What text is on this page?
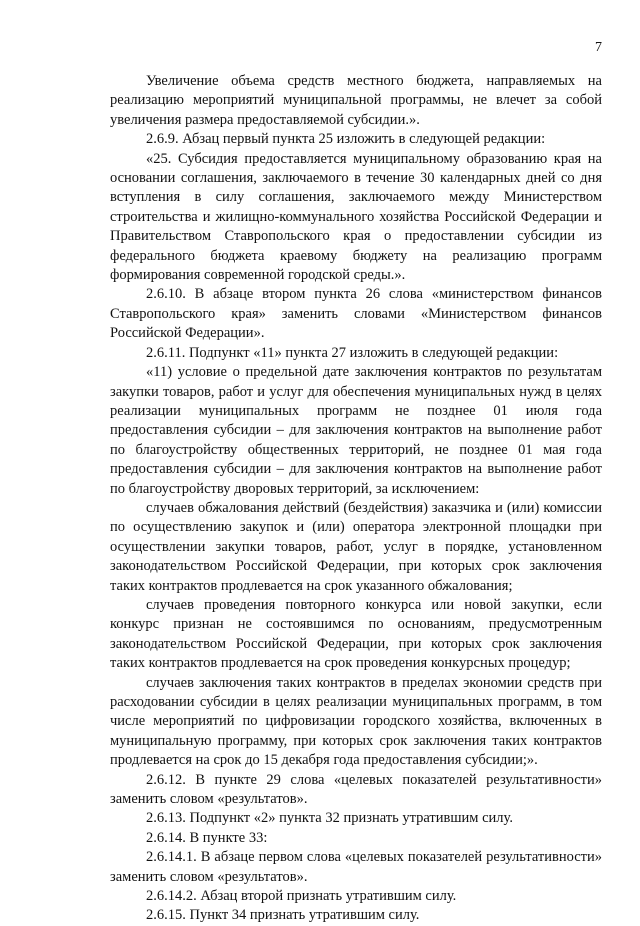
7

Увеличение объема средств местного бюджета, направляемых на реализацию мероприятий муниципальной программы, не влечет за собой увеличения размера предоставляемой субсидии.».

2.6.9. Абзац первый пункта 25 изложить в следующей редакции:

«25. Субсидия предоставляется муниципальному образованию края на основании соглашения, заключаемого в течение 30 календарных дней со дня вступления в силу соглашения, заключаемого между Министерством строительства и жилищно-коммунального хозяйства Российской Федерации и Правительством Ставропольского края о предоставлении субсидии из федерального бюджета краевому бюджету на реализацию программ формирования современной городской среды.».

2.6.10. В абзаце втором пункта 26 слова «министерством финансов Ставропольского края» заменить словами «Министерством финансов Российской Федерации».

2.6.11. Подпункт «11» пункта 27 изложить в следующей редакции:

«11) условие о предельной дате заключения контрактов по результатам закупки товаров, работ и услуг для обеспечения муниципальных нужд в целях реализации муниципальных программ не позднее 01 июля года предоставления субсидии – для заключения контрактов на выполнение работ по благоустройству общественных территорий, не позднее 01 мая года предоставления субсидии – для заключения контрактов на выполнение работ по благоустройству дворовых территорий, за исключением:

случаев обжалования действий (бездействия) заказчика и (или) комиссии по осуществлению закупок и (или) оператора электронной площадки при осуществлении закупки товаров, работ, услуг в порядке, установленном законодательством Российской Федерации, при которых срок заключения таких контрактов продлевается на срок указанного обжалования;

случаев проведения повторного конкурса или новой закупки, если конкурс признан не состоявшимся по основаниям, предусмотренным законодательством Российской Федерации, при которых срок заключения таких контрактов продлевается на срок проведения конкурсных процедур;

случаев заключения таких контрактов в пределах экономии средств при расходовании субсидии в целях реализации муниципальных программ, в том числе мероприятий по цифровизации городского хозяйства, включенных в муниципальную программу, при которых срок заключения таких контрактов продлевается на срок до 15 декабря года предоставления субсидии;».

2.6.12. В пункте 29 слова «целевых показателей результативности» заменить словом «результатов».

2.6.13. Подпункт «2» пункта 32 признать утратившим силу.

2.6.14. В пункте 33:

2.6.14.1. В абзаце первом слова «целевых показателей результативности» заменить словом «результатов».

2.6.14.2. Абзац второй признать утратившим силу.

2.6.15. Пункт 34 признать утратившим силу.
